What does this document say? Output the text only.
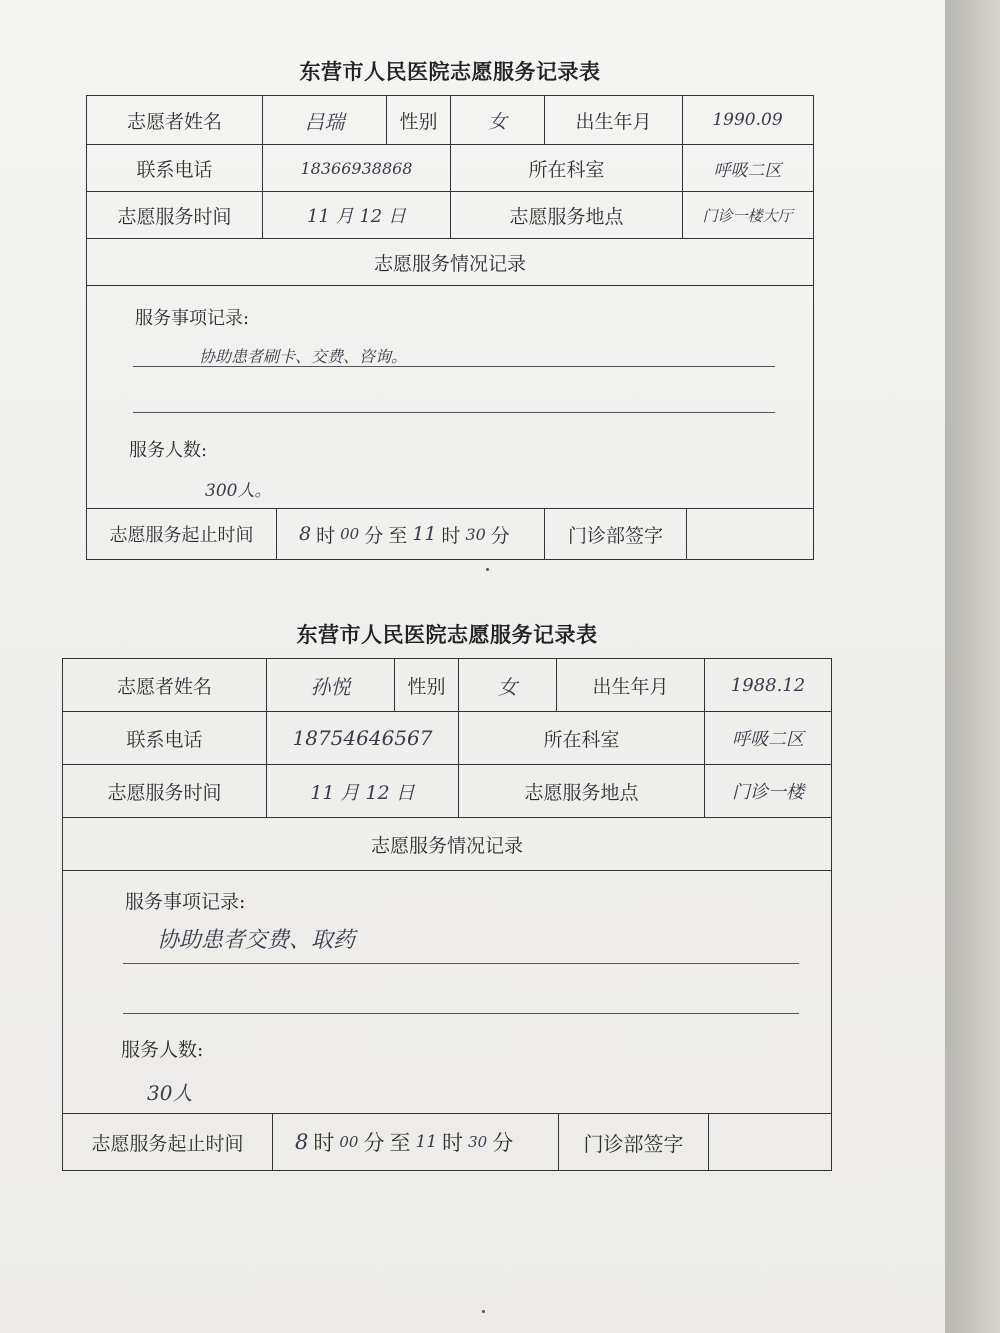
东营市人民医院志愿服务记录表
志愿者姓名	吕瑞	性别	女	出生年月	1990.09
联系电话	18366938868	所在科室	呼吸二区
志愿服务时间	11 月 12 日	志愿服务地点	门诊一楼大厅
志愿服务情况记录
服务事项记录:
协助患者刷卡、交费、咨询。
服务人数:
300人。
志愿服务起止时间	8 时 00 分 至 11 时 30 分	门诊部签字
东营市人民医院志愿服务记录表
志愿者姓名	孙悦	性别	女	出生年月	1988.12
联系电话	18754646567	所在科室	呼吸二区
志愿服务时间	11 月 12 日	志愿服务地点	门诊一楼
志愿服务情况记录
服务事项记录:
协助患者交费、取药
服务人数:
30人
志愿服务起止时间	8 时 00 分 至 11 时 30 分	门诊部签字
